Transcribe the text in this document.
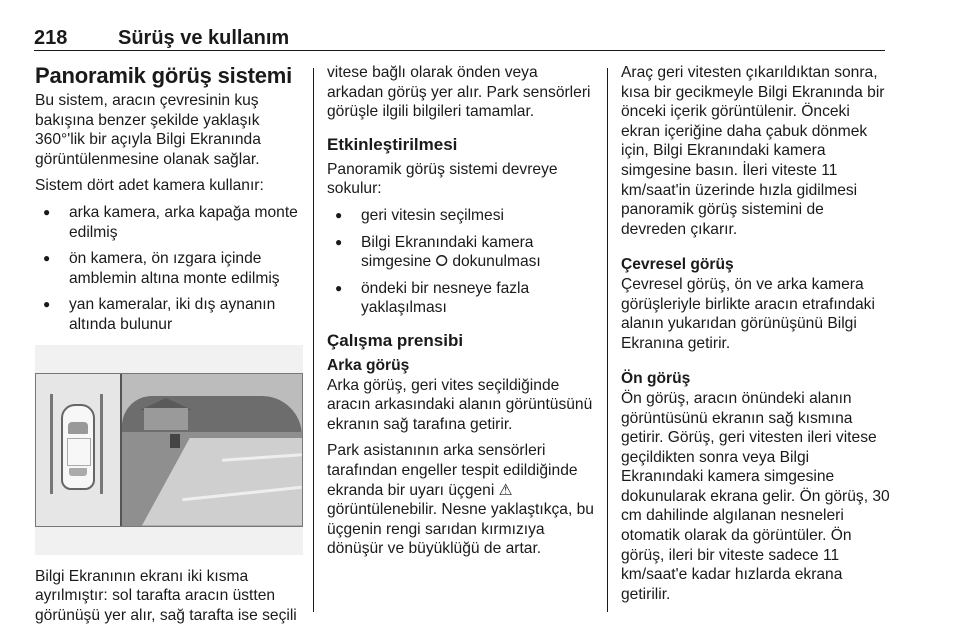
218	Sürüş ve kullanım
Panoramik görüş sistemi

Bu sistem, aracın çevresinin kuş bakışına benzer şekilde yaklaşık 360°'lik bir açıyla Bilgi Ekranında görüntülenmesine olanak sağlar.

Sistem dört adet kamera kullanır:

● arka kamera, arka kapağa monte edilmiş
● ön kamera, ön ızgara içinde amblemin altına monte edilmiş
● yan kameralar, iki dış aynanın altında bulunur

Bilgi Ekranının ekranı iki kısma ayrılmıştır: sol tarafta aracın üstten görünüşü yer alır, sağ tarafta ise seçili

vitese bağlı olarak önden veya arkadan görüş yer alır. Park sensörleri görüşle ilgili bilgileri tamamlar.

Etkinleştirilmesi

Panoramik görüş sistemi devreye sokulur:

● geri vitesin seçilmesi
● Bilgi Ekranındaki kamera simgesine ⭘ dokunulması
● öndeki bir nesneye fazla yaklaşılması
Çalışma prensibi
Arka görüş

Arka görüş, geri vites seçildiğinde aracın arkasındaki alanın görüntüsünü ekranın sağ tarafına getirir.

Park asistanının arka sensörleri tarafından engeller tespit edildiğinde ekranda bir uyarı üçgeni ⚠ görüntülenebilir. Nesne yaklaştıkça, bu üçgenin rengi sarıdan kırmızıya dönüşür ve büyüklüğü de artar.

Araç geri vitesten çıkarıldıktan sonra, kısa bir gecikmeyle Bilgi Ekranında bir önceki içerik görüntülenir. Önceki ekran içeriğine daha çabuk dönmek için, Bilgi Ekranındaki kamera simgesine basın. İleri viteste 11 km/saat'in üzerinde hızla gidilmesi panoramik görüş sistemini de devreden çıkarır.

Çevresel görüş

Çevresel görüş, ön ve arka kamera görüşleriyle birlikte aracın etrafındaki alanın yukarıdan görünüşünü Bilgi Ekranına getirir.

Ön görüş

Ön görüş, aracın önündeki alanın görüntüsünü ekranın sağ kısmına getirir. Görüş, geri vitesten ileri vitese geçildikten sonra veya Bilgi Ekranındaki kamera simgesine dokunularak ekrana gelir. Ön görüş, 30 cm dahilinde algılanan nesneleri otomatik olarak da görüntüler. Ön görüş, ileri bir viteste sadece 11 km/saat'e kadar hızlarda ekrana getirilir.
